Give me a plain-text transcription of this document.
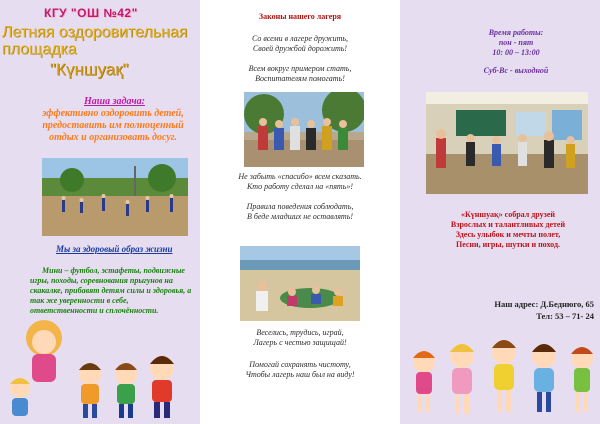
КГУ "ОШ №42"
Летняя оздоровительная площадка
"Күншуақ"
Наша задача:
эффективно оздоровить детей, предоставить им полноценный отдых и организовать досуг.
Мы за здоровый образ жизни
Мини – футбол, эстафеты, подвижные игры, походы, соревнования прыгунов на скакалке, прибавят детям силы и здоровья, а так же уверенности в себе, ответственности и сплочённости.
Законы нашего лагеря
Со всеми в лагере дружить,
Своей дружбой дорожить!
Всем вокруг примером стать,
Воспитателям помогать!
Не забыть «спасибо» всем сказать.
Кто работу сделал на «пять»!
Правила поведения соблюдать,
В беде младших не оставлять!
Веселись, трудись, играй,
Лагерь с честью защищай!
Помогай сохранять чистоту,
Чтобы лагерь наш был на виду!
Время работы:
пон - пят
10: 00 – 13:00
Суб-Вс - выходной
«Күншуақ» собрал друзей
Взрослых и талантливых детей
Здесь улыбок и мечты полет,
Песни, игры, шутки и поход.
Наш адрес: Д.Беднюго, 65
Тел: 53 – 71- 24
